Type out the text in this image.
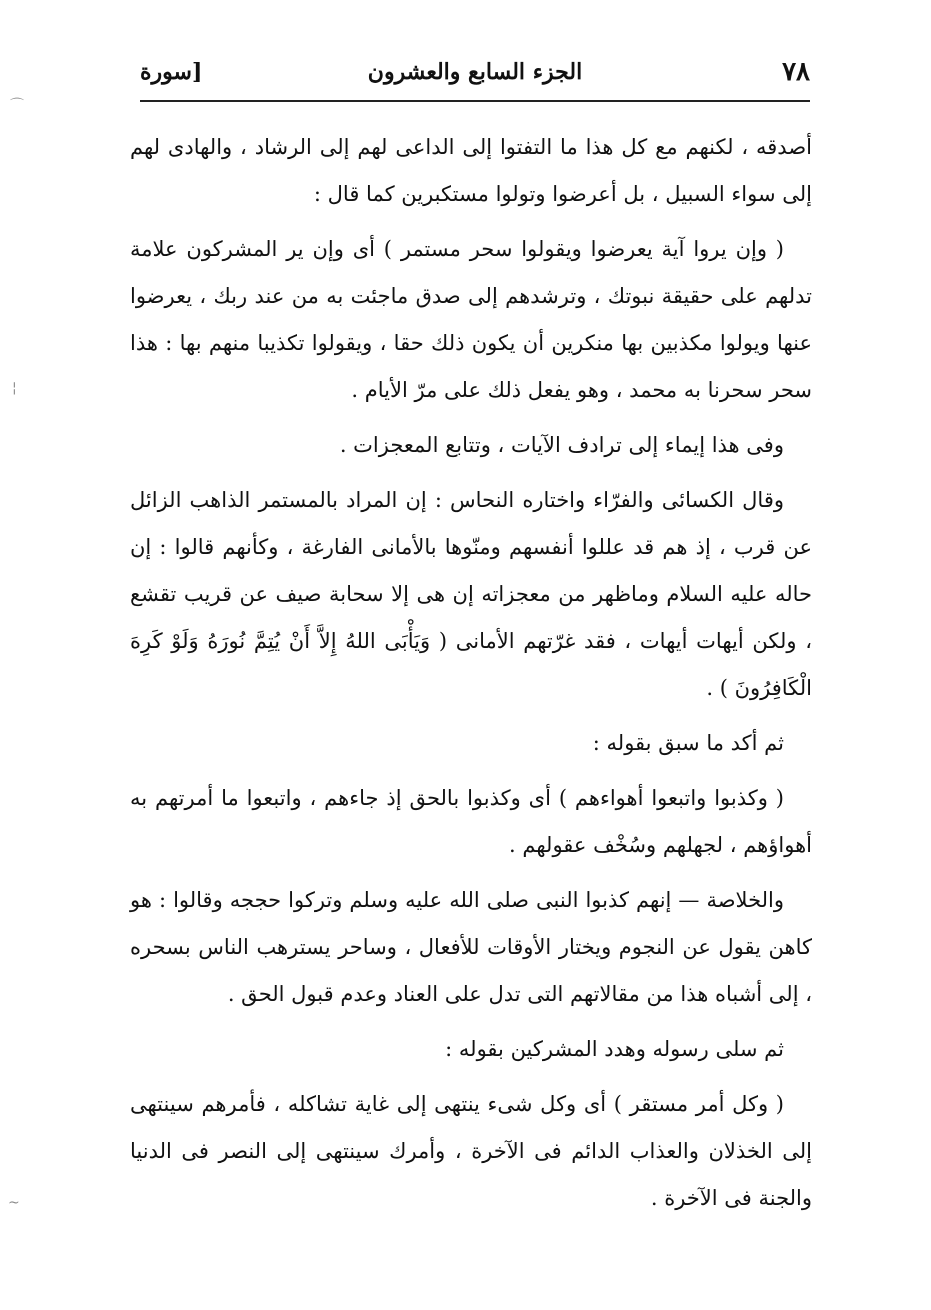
٧٨
الجزء السابع والعشرون
[سورة

أصدقه ، لكنهم مع كل هذا ما التفتوا إلى الداعى لهم إلى الرشاد ، والهادى لهم إلى سواء السبيل ، بل أعرضوا وتولوا مستكبرين كما قال :

( وإن يروا آية يعرضوا ويقولوا سحر مستمر ) أى وإن ير المشركون علامة تدلهم على حقيقة نبوتك ، وترشدهم إلى صدق ماجئت به من عند ربك ، يعرضوا عنها ويولوا مكذبين بها منكرين أن يكون ذلك حقا ، ويقولوا تكذيبا منهم بها : هذا سحر سحرنا به محمد ، وهو يفعل ذلك على مرّ الأيام .

وفى هذا إيماء إلى ترادف الآيات ، وتتابع المعجزات .

وقال الكسائى والفرّاء واختاره النحاس : إن المراد بالمستمر الذاهب الزائل عن قرب ، إذ هم قد عللوا أنفسهم ومنّوها بالأمانى الفارغة ، وكأنهم قالوا : إن حاله عليه السلام وماظهر من معجزاته إن هى إلا سحابة صيف عن قريب تقشع ، ولكن أيهات أيهات ، فقد غرّتهم الأمانى ( وَيَأْبَى اللهُ إِلاَّ أَنْ يُتِمَّ نُورَهُ وَلَوْ كَرِهَ الْكَافِرُونَ ) .

ثم أكد ما سبق بقوله :

( وكذبوا واتبعوا أهواءهم ) أى وكذبوا بالحق إذ جاءهم ، واتبعوا ما أمرتهم به أهواؤهم ، لجهلهم وسُخْف عقولهم .

والخلاصة — إنهم كذبوا النبى صلى الله عليه وسلم وتركوا حججه وقالوا : هو كاهن يقول عن النجوم ويختار الأوقات للأفعال ، وساحر يسترهب الناس بسحره ، إلى أشباه هذا من مقالاتهم التى تدل على العناد وعدم قبول الحق .

ثم سلى رسوله وهدد المشركين بقوله :

( وكل أمر مستقر ) أى وكل شىء ينتهى إلى غاية تشاكله ، فأمرهم سينتهى إلى الخذلان والعذاب الدائم فى الآخرة ، وأمرك سينتهى إلى النصر فى الدنيا والجنة فى الآخرة .

⌒
¦
~
